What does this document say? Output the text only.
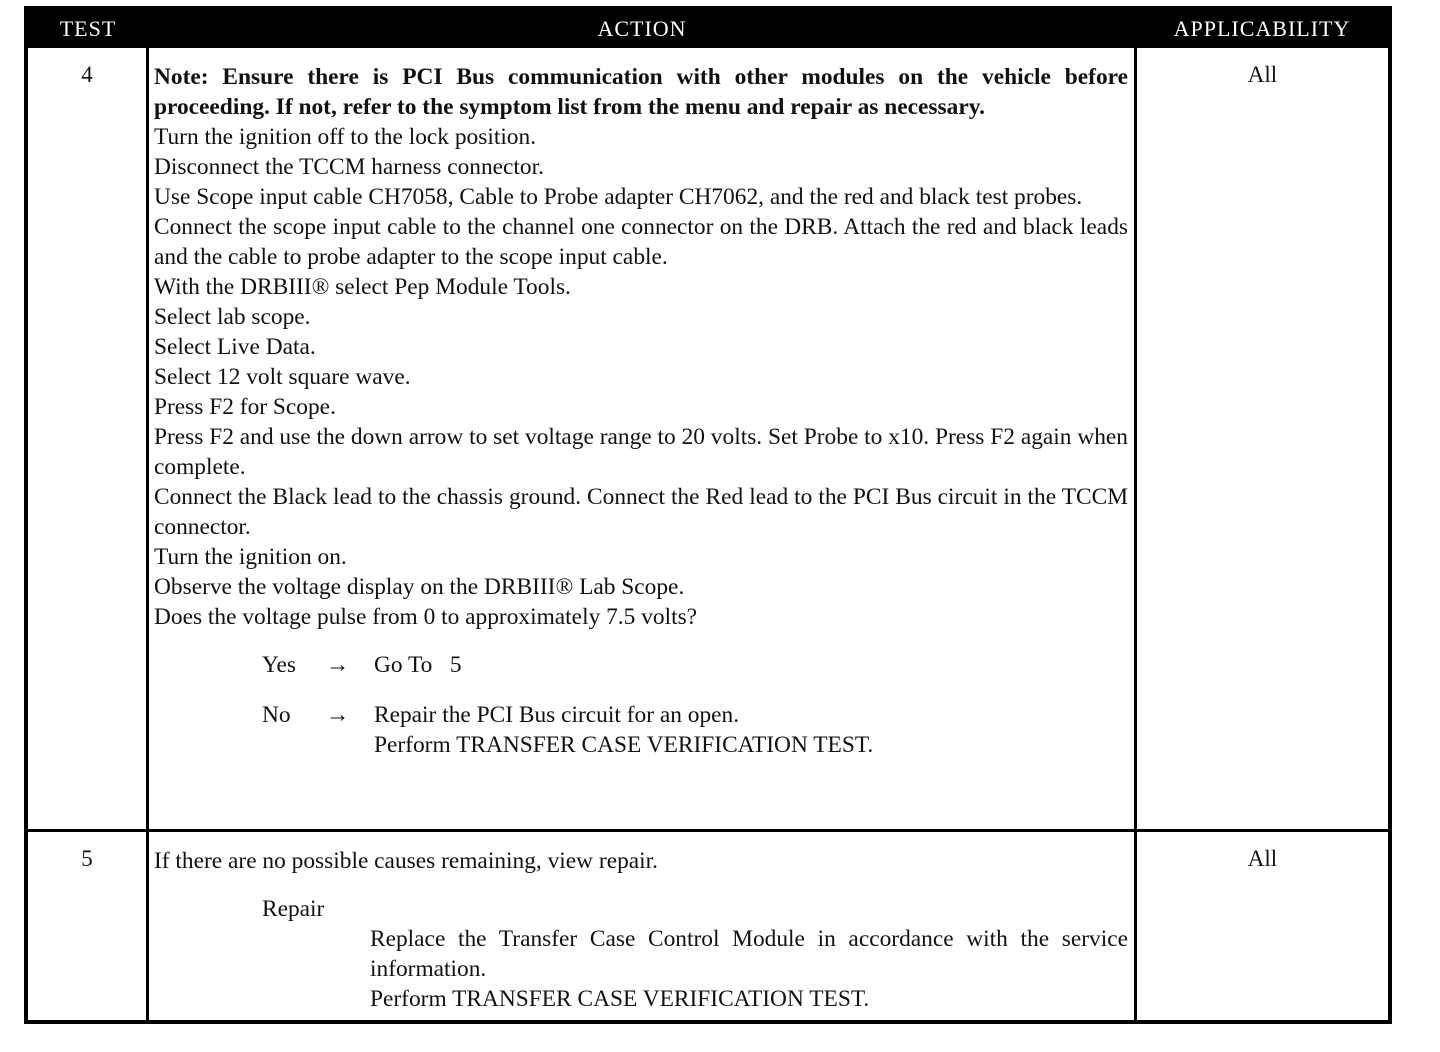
TEST	ACTION	APPLICABILITY
4	Note: Ensure there is PCI Bus communication with other modules on the vehicle before proceeding. If not, refer to the symptom list from the menu and repair as necessary.

Turn the ignition off to the lock position.

Disconnect the TCCM harness connector.

Use Scope input cable CH7058, Cable to Probe adapter CH7062, and the red and black test probes.

Connect the scope input cable to the channel one connector on the DRB. Attach the red and black leads and the cable to probe adapter to the scope input cable.

With the DRBIII® select Pep Module Tools.

Select lab scope.

Select Live Data.

Select 12 volt square wave.

Press F2 for Scope.

Press F2 and use the down arrow to set voltage range to 20 volts. Set Probe to x10. Press F2 again when complete.

Connect the Black lead to the chassis ground. Connect the Red lead to the PCI Bus circuit in the TCCM connector.

Turn the ignition on.

Observe the voltage display on the DRBIII® Lab Scope.

Does the voltage pulse from 0 to approximately 7.5 volts?

Yes → Go To   5
No → Repair the PCI Bus circuit for an open.
Perform TRANSFER CASE VERIFICATION TEST.
All
5	If there are no possible causes remaining, view repair.

Repair

Replace the Transfer Case Control Module in accordance with the service information.

Perform TRANSFER CASE VERIFICATION TEST.

All
